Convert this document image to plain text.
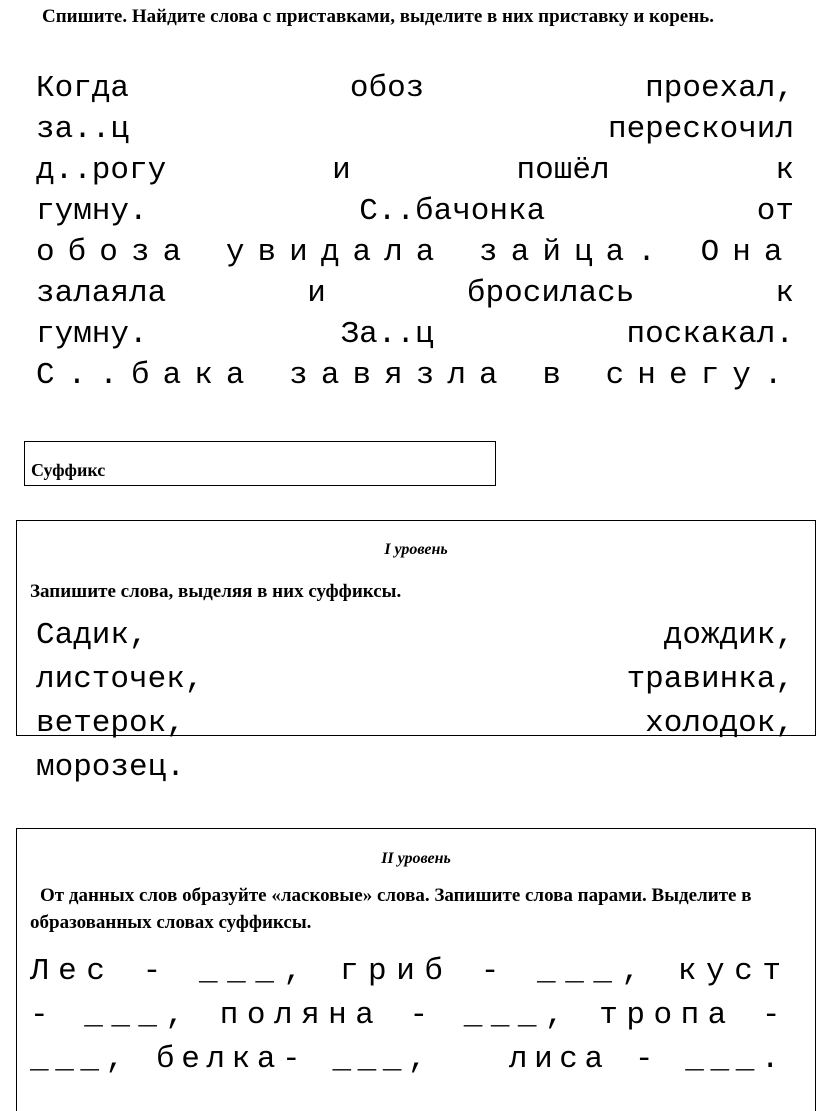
Спишите. Найдите слова с приставками, выделите в них приставку и корень.

Когда	обоз	проехал,
за..ц	перескочил
д..рогу	и	пошёл	к
гумну.	С..бачонка	от
обоза увидала зайца. Она
залаяла	и	бросилась	к
гумну.	За..ц	поскакал.
С..бака завязла в снегу.

Суффикс

I уровень

Запишите слова, выделяя в них суффиксы.

Садик,	дождик,
листочек,	травинка,
ветерок,	холодок,
морозец.

II уровень

От данных слов образуйте «ласковые» слова. Запишите слова парами. Выделите в образованных словах суффиксы.

Лес - ___, гриб - ___, куст
- ___, поляна - ___, тропа -
___, белка- ___,   лиса - ___.
